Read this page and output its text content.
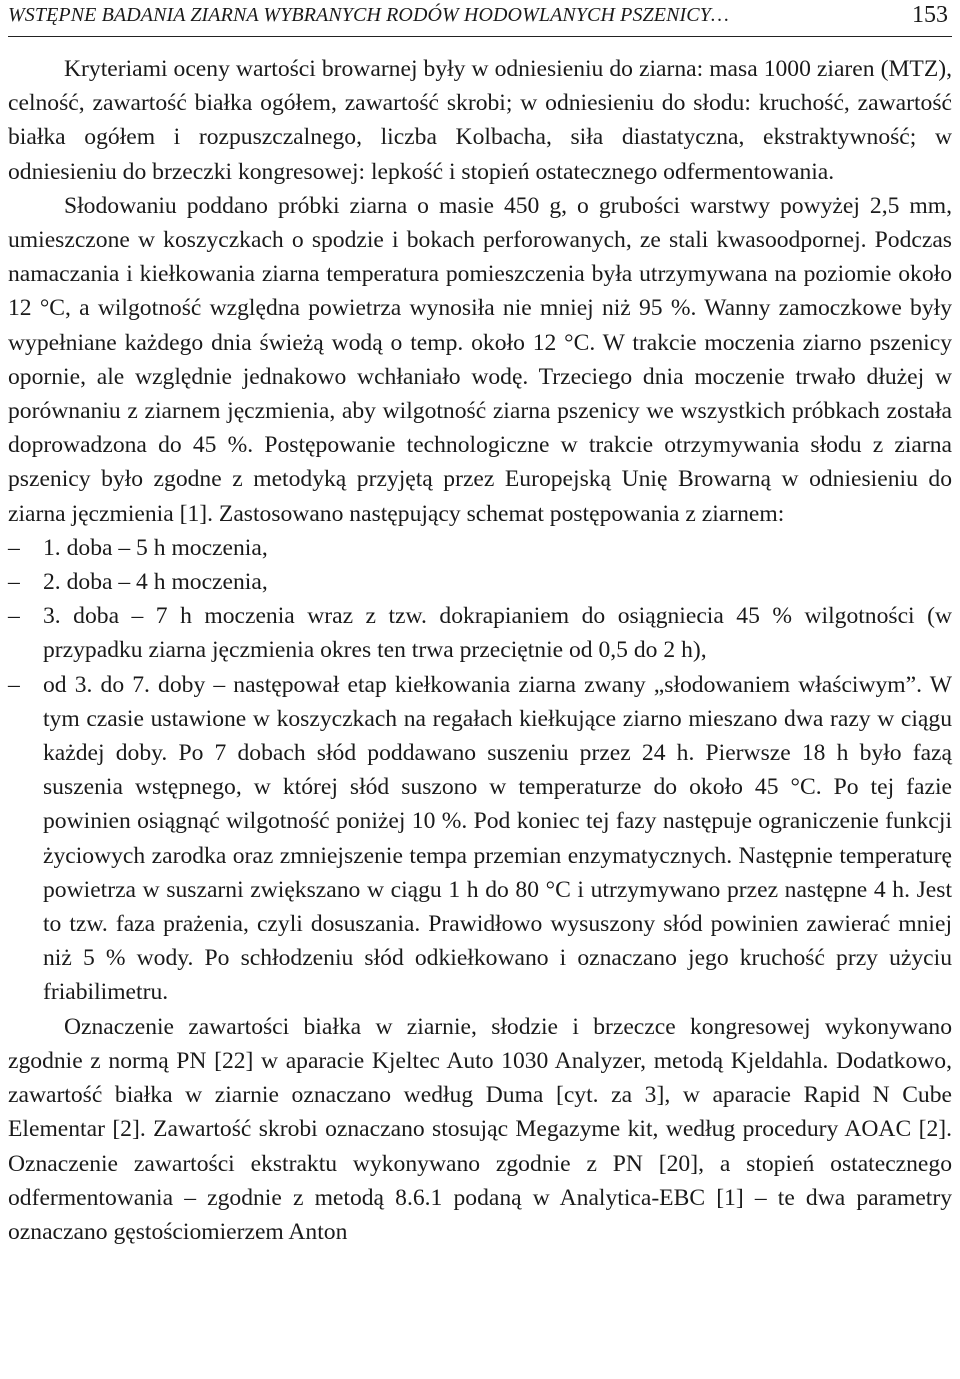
WSTĘPNE BADANIA ZIARNA WYBRANYCH RODÓW HODOWLANYCH PSZENICY…	153

Kryteriami oceny wartości browarnej były w odniesieniu do ziarna: masa 1000 ziaren (MTZ), celność, zawartość białka ogółem, zawartość skrobi; w odniesieniu do słodu: kruchość, zawartość białka ogółem i rozpuszczalnego, liczba Kolbacha, siła diastatyczna, ekstraktywność; w odniesieniu do brzeczki kongresowej: lepkość i stopień ostatecznego odfermentowania.

Słodowaniu poddano próbki ziarna o masie 450 g, o grubości warstwy powyżej 2,5 mm, umieszczone w koszyczkach o spodzie i bokach perforowanych, ze stali kwasoodpornej. Podczas namaczania i kiełkowania ziarna temperatura pomieszczenia była utrzymywana na poziomie około 12 °C, a wilgotność względna powietrza wynosiła nie mniej niż 95 %. Wanny zamoczkowe były wypełniane każdego dnia świeżą wodą o temp. około 12 °C. W trakcie moczenia ziarno pszenicy opornie, ale względnie jednakowo wchłaniało wodę. Trzeciego dnia moczenie trwało dłużej w porównaniu z ziarnem jęczmienia, aby wilgotność ziarna pszenicy we wszystkich próbkach została doprowadzona do 45 %. Postępowanie technologiczne w trakcie otrzymywania słodu z ziarna pszenicy było zgodne z metodyką przyjętą przez Europejską Unię Browarną w odniesieniu do ziarna jęczmienia [1]. Zastosowano następujący schemat postępowania z ziarnem:

– 1. doba – 5 h moczenia,
– 2. doba – 4 h moczenia,
– 3. doba – 7 h moczenia wraz z tzw. dokrapianiem do osiągniecia 45 % wilgotności (w przypadku ziarna jęczmienia okres ten trwa przeciętnie od 0,5 do 2 h),
– od 3. do 7. doby – następował etap kiełkowania ziarna zwany „słodowaniem właściwym”. W tym czasie ustawione w koszyczkach na regałach kiełkujące ziarno mieszano dwa razy w ciągu każdej doby. Po 7 dobach słód poddawano suszeniu przez 24 h. Pierwsze 18 h było fazą suszenia wstępnego, w której słód suszono w temperaturze do około 45 °C. Po tej fazie powinien osiągnąć wilgotność poniżej 10 %. Pod koniec tej fazy następuje ograniczenie funkcji życiowych zarodka oraz zmniejszenie tempa przemian enzymatycznych. Następnie temperaturę powietrza w suszarni zwiększano w ciągu 1 h do 80 °C i utrzymywano przez następne 4 h. Jest to tzw. faza prażenia, czyli dosuszania. Prawidłowo wysuszony słód powinien zawierać mniej niż 5 % wody. Po schłodzeniu słód odkiełkowano i oznaczano jego kruchość przy użyciu friabilimetru.

Oznaczenie zawartości białka w ziarnie, słodzie i brzeczce kongresowej wykonywano zgodnie z normą PN [22] w aparacie Kjeltec Auto 1030 Analyzer, metodą Kjeldahla. Dodatkowo, zawartość białka w ziarnie oznaczano według Duma [cyt. za 3], w aparacie Rapid N Cube Elementar [2]. Zawartość skrobi oznaczano stosując Megazyme kit, według procedury AOAC [2]. Oznaczenie zawartości ekstraktu wykonywano zgodnie z PN [20], a stopień ostatecznego odfermentowania – zgodnie z metodą 8.6.1 podaną w Analytica-EBC [1] – te dwa parametry oznaczano gęstościomierzem Anton
